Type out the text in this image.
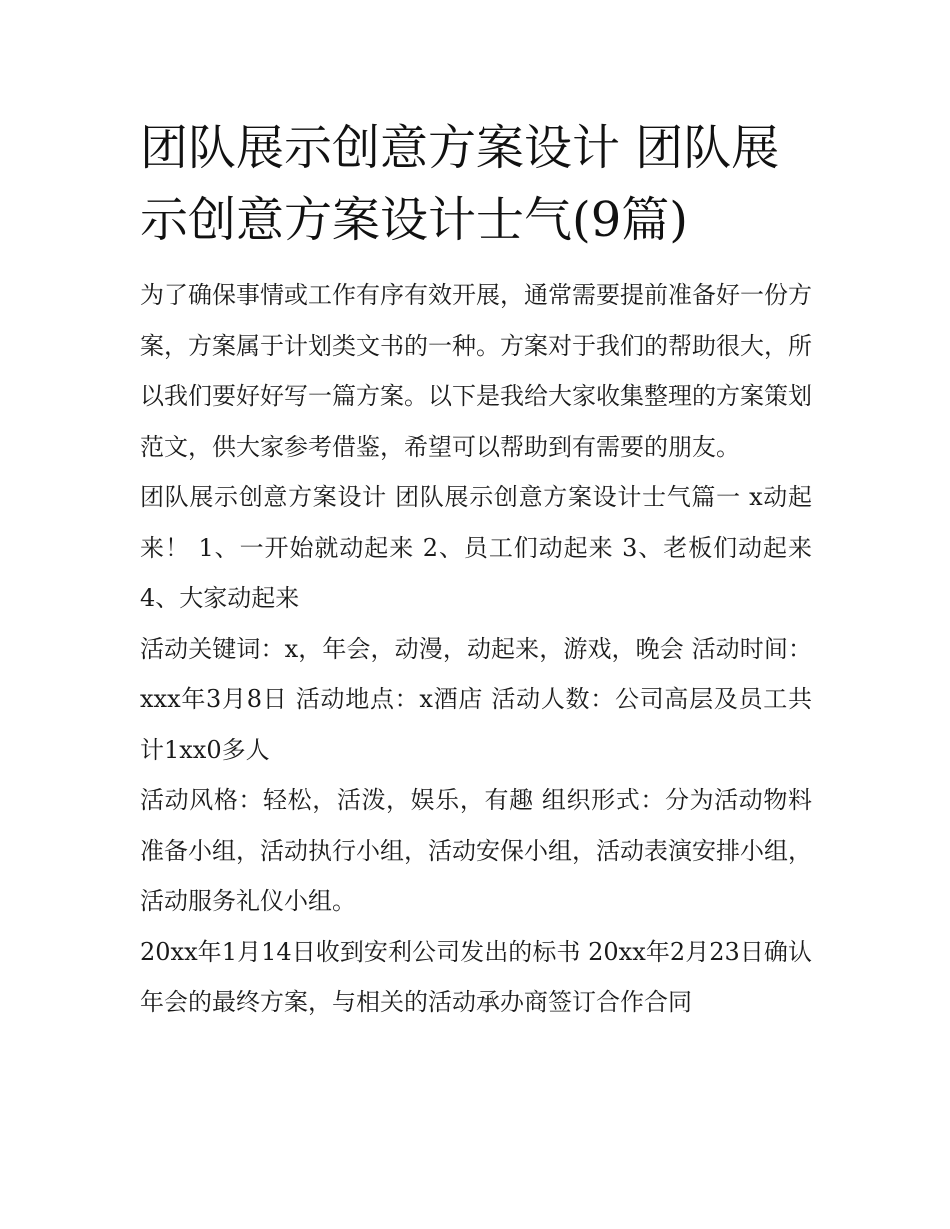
团队展示创意方案设计 团队展示创意方案设计士气(9篇)

为了确保事情或工作有序有效开展，通常需要提前准备好一份方案，方案属于计划类文书的一种。方案对于我们的帮助很大，所以我们要好好写一篇方案。以下是我给大家收集整理的方案策划范文，供大家参考借鉴，希望可以帮助到有需要的朋友。

团队展示创意方案设计 团队展示创意方案设计士气篇一 x动起来！ 1、一开始就动起来 2、员工们动起来 3、老板们动起来 4、大家动起来

活动关键词：x，年会，动漫，动起来，游戏，晚会 活动时间：xxx年3月8日 活动地点：x酒店 活动人数：公司高层及员工共计1xx0多人

活动风格：轻松，活泼，娱乐，有趣 组织形式：分为活动物料准备小组，活动执行小组，活动安保小组，活动表演安排小组，活动服务礼仪小组。

20xx年1月14日收到安利公司发出的标书 20xx年2月23日确认年会的最终方案，与相关的活动承办商签订合作合同
